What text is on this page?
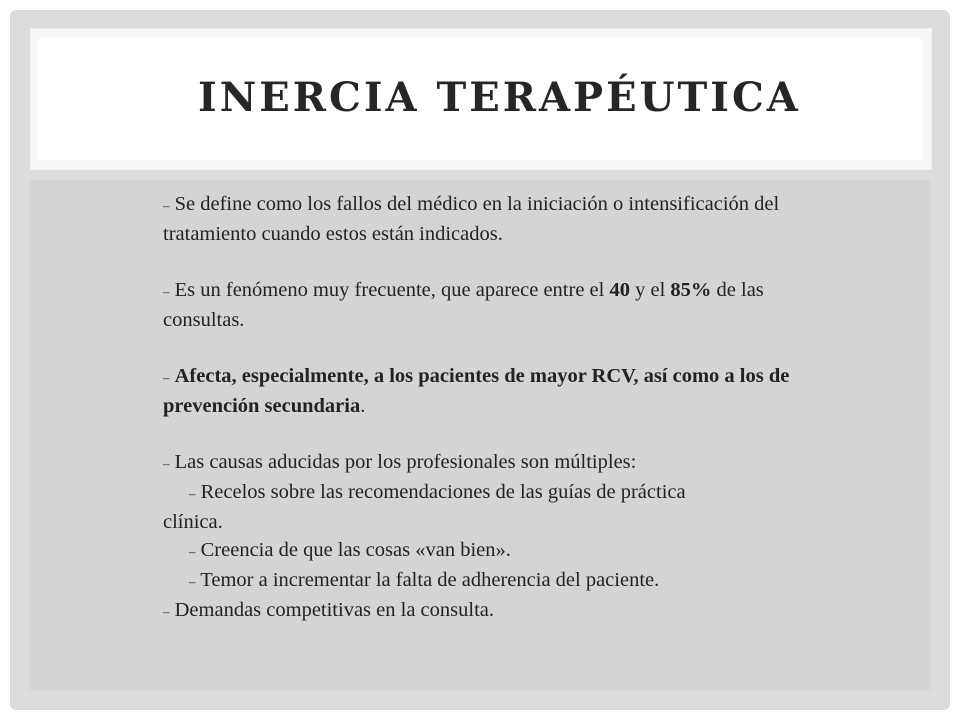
INERCIA TERAPÉUTICA

– Se define como los fallos del médico en la iniciación o intensificación del tratamiento cuando estos están indicados.

– Es un fenómeno muy frecuente, que aparece entre el 40 y el 85% de las consultas.

– Afecta, especialmente, a los pacientes de mayor RCV, así como a los de prevención secundaria.

– Las causas aducidas por los profesionales son múltiples:

– Recelos sobre las recomendaciones de las guías de práctica

clínica.

– Creencia de que las cosas «van bien».

– Temor a incrementar la falta de adherencia del paciente.

– Demandas competitivas en la consulta.
